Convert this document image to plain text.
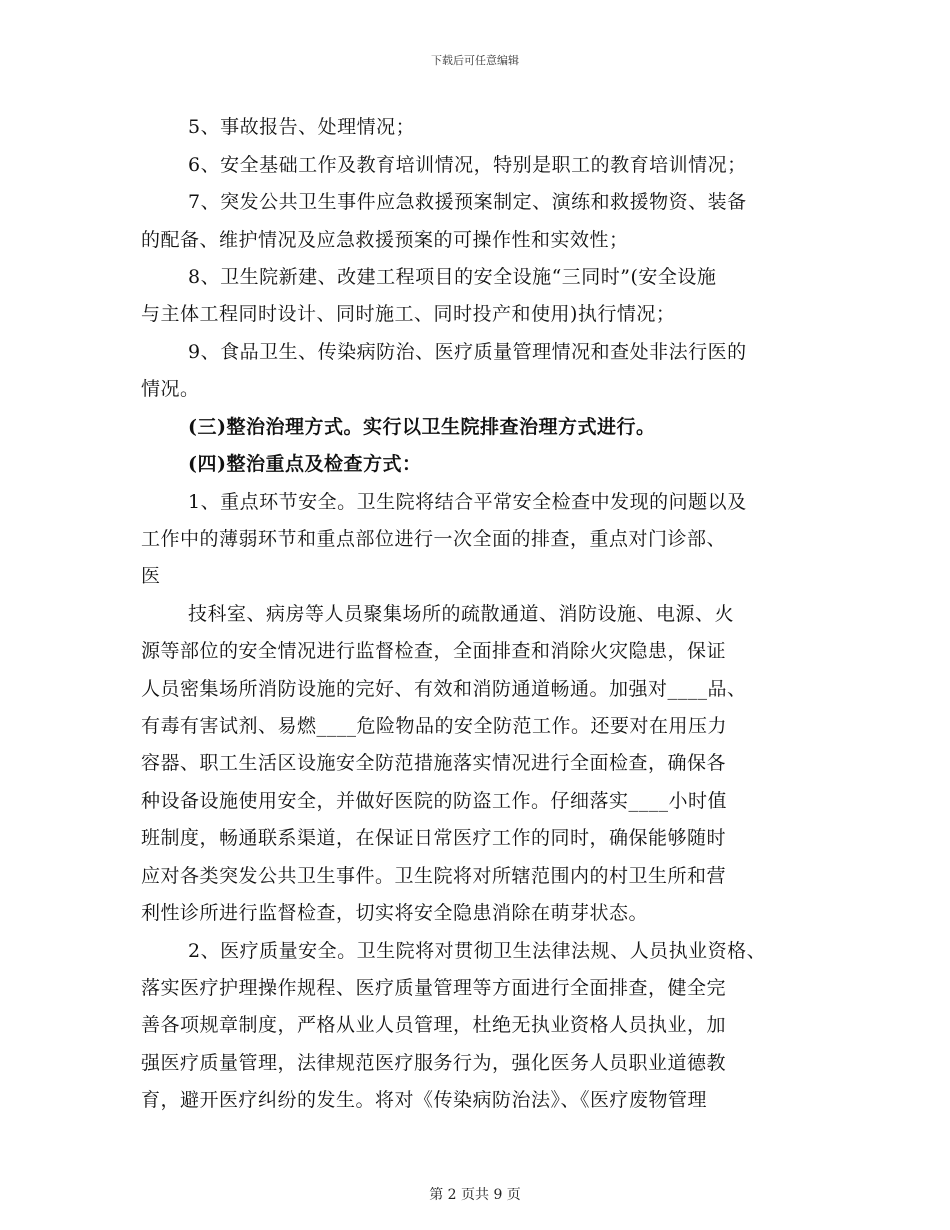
下载后可任意编辑
5、事故报告、处理情况；
6、安全基础工作及教育培训情况，特别是职工的教育培训情况；
7、突发公共卫生事件应急救援预案制定、演练和救援物资、装备
的配备、维护情况及应急救援预案的可操作性和实效性；
8、卫生院新建、改建工程项目的安全设施“三同时”(安全设施
与主体工程同时设计、同时施工、同时投产和使用)执行情况；
9、食品卫生、传染病防治、医疗质量管理情况和查处非法行医的
情况。
(三)整治治理方式。实行以卫生院排查治理方式进行。
(四)整治重点及检查方式：
1、重点环节安全。卫生院将结合平常安全检查中发现的问题以及
工作中的薄弱环节和重点部位进行一次全面的排查，重点对门诊部、
医
技科室、病房等人员聚集场所的疏散通道、消防设施、电源、火
源等部位的安全情况进行监督检查，全面排查和消除火灾隐患，保证
人员密集场所消防设施的完好、有效和消防通道畅通。加强对____品、
有毒有害试剂、易燃____危险物品的安全防范工作。还要对在用压力
容器、职工生活区设施安全防范措施落实情况进行全面检查，确保各
种设备设施使用安全，并做好医院的防盗工作。仔细落实____小时值
班制度，畅通联系渠道，在保证日常医疗工作的同时，确保能够随时
应对各类突发公共卫生事件。卫生院将对所辖范围内的村卫生所和营
利性诊所进行监督检查，切实将安全隐患消除在萌芽状态。
2、医疗质量安全。卫生院将对贯彻卫生法律法规、人员执业资格、
落实医疗护理操作规程、医疗质量管理等方面进行全面排查，健全完
善各项规章制度，严格从业人员管理，杜绝无执业资格人员执业，加
强医疗质量管理，法律规范医疗服务行为，强化医务人员职业道德教
育，避开医疗纠纷的发生。将对《传染病防治法》、《医疗废物管理
第 2 页共 9 页
